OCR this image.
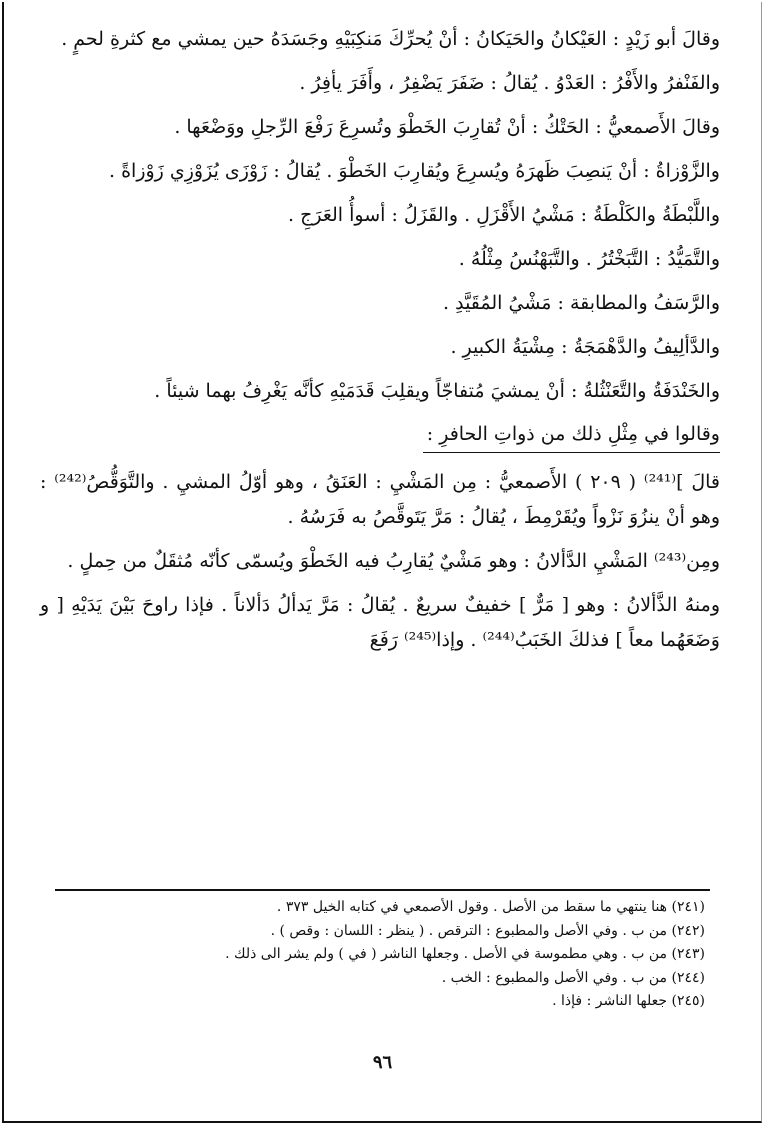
وقالَ أبو زَيْدٍ : العَيْكانُ والحَيَكانُ : أنْ يُحرِّكَ مَنكِبَيْهِ وجَسَدَهُ حين يمشي مع كثرةِ لحمٍ .

والفَنْفرُ والأَفْرُ : العَدْوُ . يُقالُ : ضَفَرَ يَضْفِرُ ، وأَفَرَ يأفِرُ .

وقالَ الأَصمعيُّ : الحَتْكُ : أنْ تُقارِبَ الخَطْوَ وتُسرِعَ رَفْعَ الرِّجلِ ووَضْعَها .

والزَّوْزاةُ : أنْ يَنصِبَ ظَهرَهُ ويُسرِعَ ويُقارِبَ الخَطْوَ . يُقالُ : زَوْزَى يُزَوْزِي زَوْزاةً .

واللَّبْطَةُ والكَلْطَةُ : مَشْيُ الأَقْزَلِ . والقَزَلُ : أسوأُ العَرَجِ .

والتَّمَيُّدُ : التَّبَخْتُرُ . والتَّبَهْنُسُ مِثْلُهُ .

والرَّسَفُ والمطابقة : مَشْيُ المُقَيَّدِ .

والدَّألِيفُ والدَّهْمَجَةُ : مِشْيَةُ الكبيرِ .

والخَنْدَفَةُ والتَّعَنْثُلةُ : أنْ يمشيَ مُتفاجّاً ويقلِبَ قَدَمَيْهِ كأنَّه يَغْرِفُ بهما شيئاً .

وقالوا في مِثْلِ ذلك من ذواتِ الحافرِ :

قالَ ]⁽²⁴¹⁾ ( ٢٠٩ ) الأَصمعيُّ : مِن المَشْيِ : العَنَقُ ، وهو أوّلُ المشيِ . والتَّوَقُّصُ⁽²⁴²⁾ : وهو أنْ ينزُوَ نَزْواً ويُقَرْمِطَ ، يُقالُ : مَرَّ يَتَوقَّصُ به فَرَسُهُ .

ومِن⁽²⁴³⁾ المَشْيِ الدَّألانُ : وهو مَشْيٌ يُقارِبُ فيه الخَطْوَ ويُسمّى كأنّه مُثقَلٌ من حِملٍ .

ومنهُ الذَّألانُ : وهو [ مَرٌّ ] خفيفٌ سريعٌ . يُقالُ : مَرَّ يَدألُ دَألاناً . فإذا راوحَ بَيْنَ يَدَيْهِ [ و وَضَعَهُما معاً ] فذلكَ الخَبَبُ⁽²⁴⁴⁾ . وإذا⁽²⁴⁵⁾ رَفَعَ

(٢٤١) هنا ينتهي ما سقط من الأصل . وقول الأصمعي في كتابه الخيل ٣٧٣ .

(٢٤٢) من ب . وفي الأصل والمطبوع : الترقص . ( ينظر : اللسان : وقص ) .

(٢٤٣) من ب . وهي مطموسة في الأصل . وجعلها الناشر ( في ) ولم يشر الى ذلك .

(٢٤٤) من ب . وفي الأصل والمطبوع : الخب .

(٢٤٥) جعلها الناشر : فإذا .

٩٦
